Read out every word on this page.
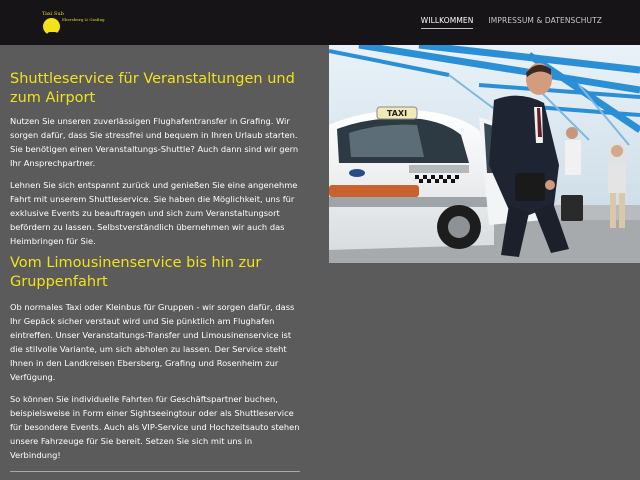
Taxi Sub
Ebersberg & Grafing	WILLKOMMEN IMPRESSUM & DATENSCHUTZ
TAXI
Shuttleservice für Veranstaltungen und zum Airport

Nutzen Sie unseren zuverlässigen Flughafentransfer in Grafing. Wir sorgen dafür, dass Sie stressfrei und bequem in Ihren Urlaub starten. Sie benötigen einen Veranstaltungs-Shuttle? Auch dann sind wir gern Ihr Ansprechpartner.

Lehnen Sie sich entspannt zurück und genießen Sie eine angenehme Fahrt mit unserem Shuttleservice. Sie haben die Möglichkeit, uns für exklusive Events zu beauftragen und sich zum Veranstaltungsort befördern zu lassen. Selbstverständlich übernehmen wir auch das Heimbringen für Sie.

Vom Limousinenservice bis hin zur Gruppenfahrt

Ob normales Taxi oder Kleinbus für Gruppen - wir sorgen dafür, dass Ihr Gepäck sicher verstaut wird und Sie pünktlich am Flughafen eintreffen. Unser Veranstaltungs-Transfer und Limousinenservice ist die stilvolle Variante, um sich abholen zu lassen. Der Service steht Ihnen in den Landkreisen Ebersberg, Grafing und Rosenheim zur Verfügung.

So können Sie individuelle Fahrten für Geschäftspartner buchen, beispielsweise in Form einer Sightseeingtour oder als Shuttleservice für besondere Events. Auch als VIP-Service und Hochzeitsauto stehen unsere Fahrzeuge für Sie bereit. Setzen Sie sich mit uns in Verbindung!
